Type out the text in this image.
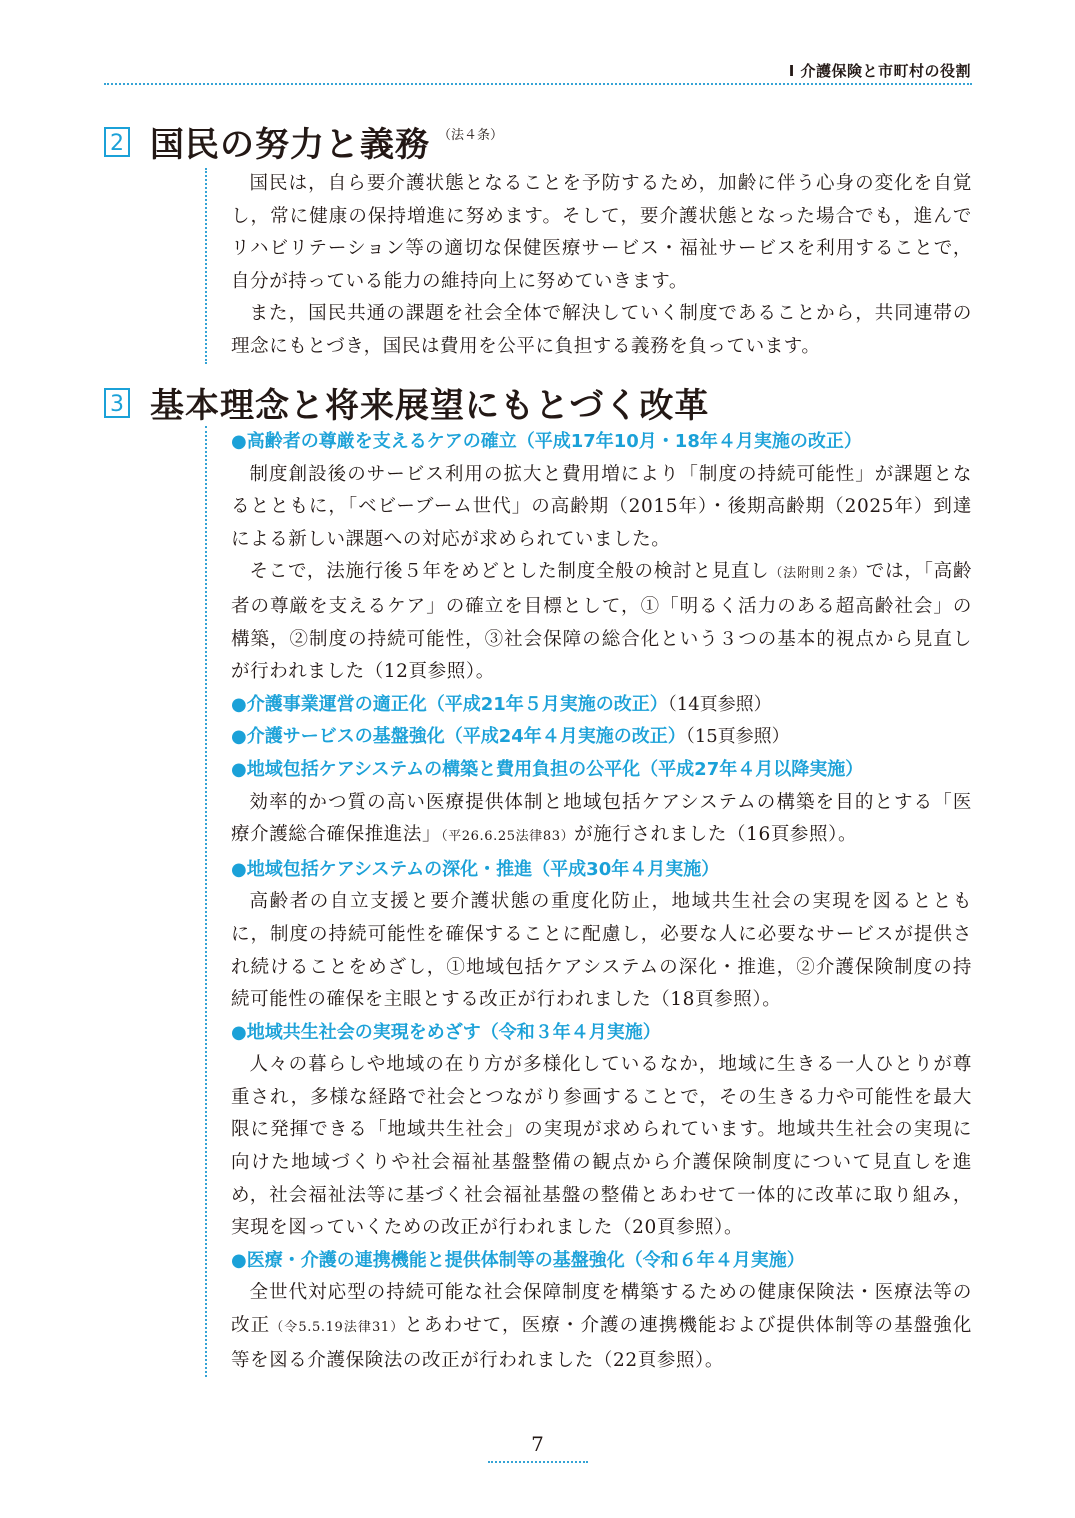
Ⅰ 介護保険と市町村の役割
2 国民の努力と義務 （法４条）

国民は，自ら要介護状態となることを予防するため，加齢に伴う心身の変化を自覚し，常に健康の保持増進に努めます。そして，要介護状態となった場合でも，進んでリハビリテーション等の適切な保健医療サービス・福祉サービスを利用することで，自分が持っている能力の維持向上に努めていきます。

また，国民共通の課題を社会全体で解決していく制度であることから，共同連帯の理念にもとづき，国民は費用を公平に負担する義務を負っています。

3 基本理念と将来展望にもとづく改革

●高齢者の尊厳を支えるケアの確立（平成17年10月・18年４月実施の改正）

制度創設後のサービス利用の拡大と費用増により「制度の持続可能性」が課題となるとともに，「ベビーブーム世代」の高齢期（2015年）・後期高齢期（2025年）到達による新しい課題への対応が求められていました。

そこで，法施行後５年をめどとした制度全般の検討と見直し（法附則２条）では，「高齢者の尊厳を支えるケア」の確立を目標として，①「明るく活力のある超高齢社会」の構築，②制度の持続可能性，③社会保障の総合化という３つの基本的視点から見直しが行われました（12頁参照）。

●介護事業運営の適正化（平成21年５月実施の改正）（14頁参照）

●介護サービスの基盤強化（平成24年４月実施の改正）（15頁参照）

●地域包括ケアシステムの構築と費用負担の公平化（平成27年４月以降実施）

効率的かつ質の高い医療提供体制と地域包括ケアシステムの構築を目的とする「医療介護総合確保推進法」（平26.6.25法律83）が施行されました（16頁参照）。

●地域包括ケアシステムの深化・推進（平成30年４月実施）

高齢者の自立支援と要介護状態の重度化防止，地域共生社会の実現を図るとともに，制度の持続可能性を確保することに配慮し，必要な人に必要なサービスが提供され続けることをめざし，①地域包括ケアシステムの深化・推進，②介護保険制度の持続可能性の確保を主眼とする改正が行われました（18頁参照）。

●地域共生社会の実現をめざす（令和３年４月実施）

人々の暮らしや地域の在り方が多様化しているなか，地域に生きる一人ひとりが尊重され，多様な経路で社会とつながり参画することで，その生きる力や可能性を最大限に発揮できる「地域共生社会」の実現が求められています。地域共生社会の実現に向けた地域づくりや社会福祉基盤整備の観点から介護保険制度について見直しを進め，社会福祉法等に基づく社会福祉基盤の整備とあわせて一体的に改革に取り組み，実現を図っていくための改正が行われました（20頁参照）。

●医療・介護の連携機能と提供体制等の基盤強化（令和６年４月実施）

全世代対応型の持続可能な社会保障制度を構築するための健康保険法・医療法等の改正（令5.5.19法律31）とあわせて，医療・介護の連携機能および提供体制等の基盤強化等を図る介護保険法の改正が行われました（22頁参照）。

7
